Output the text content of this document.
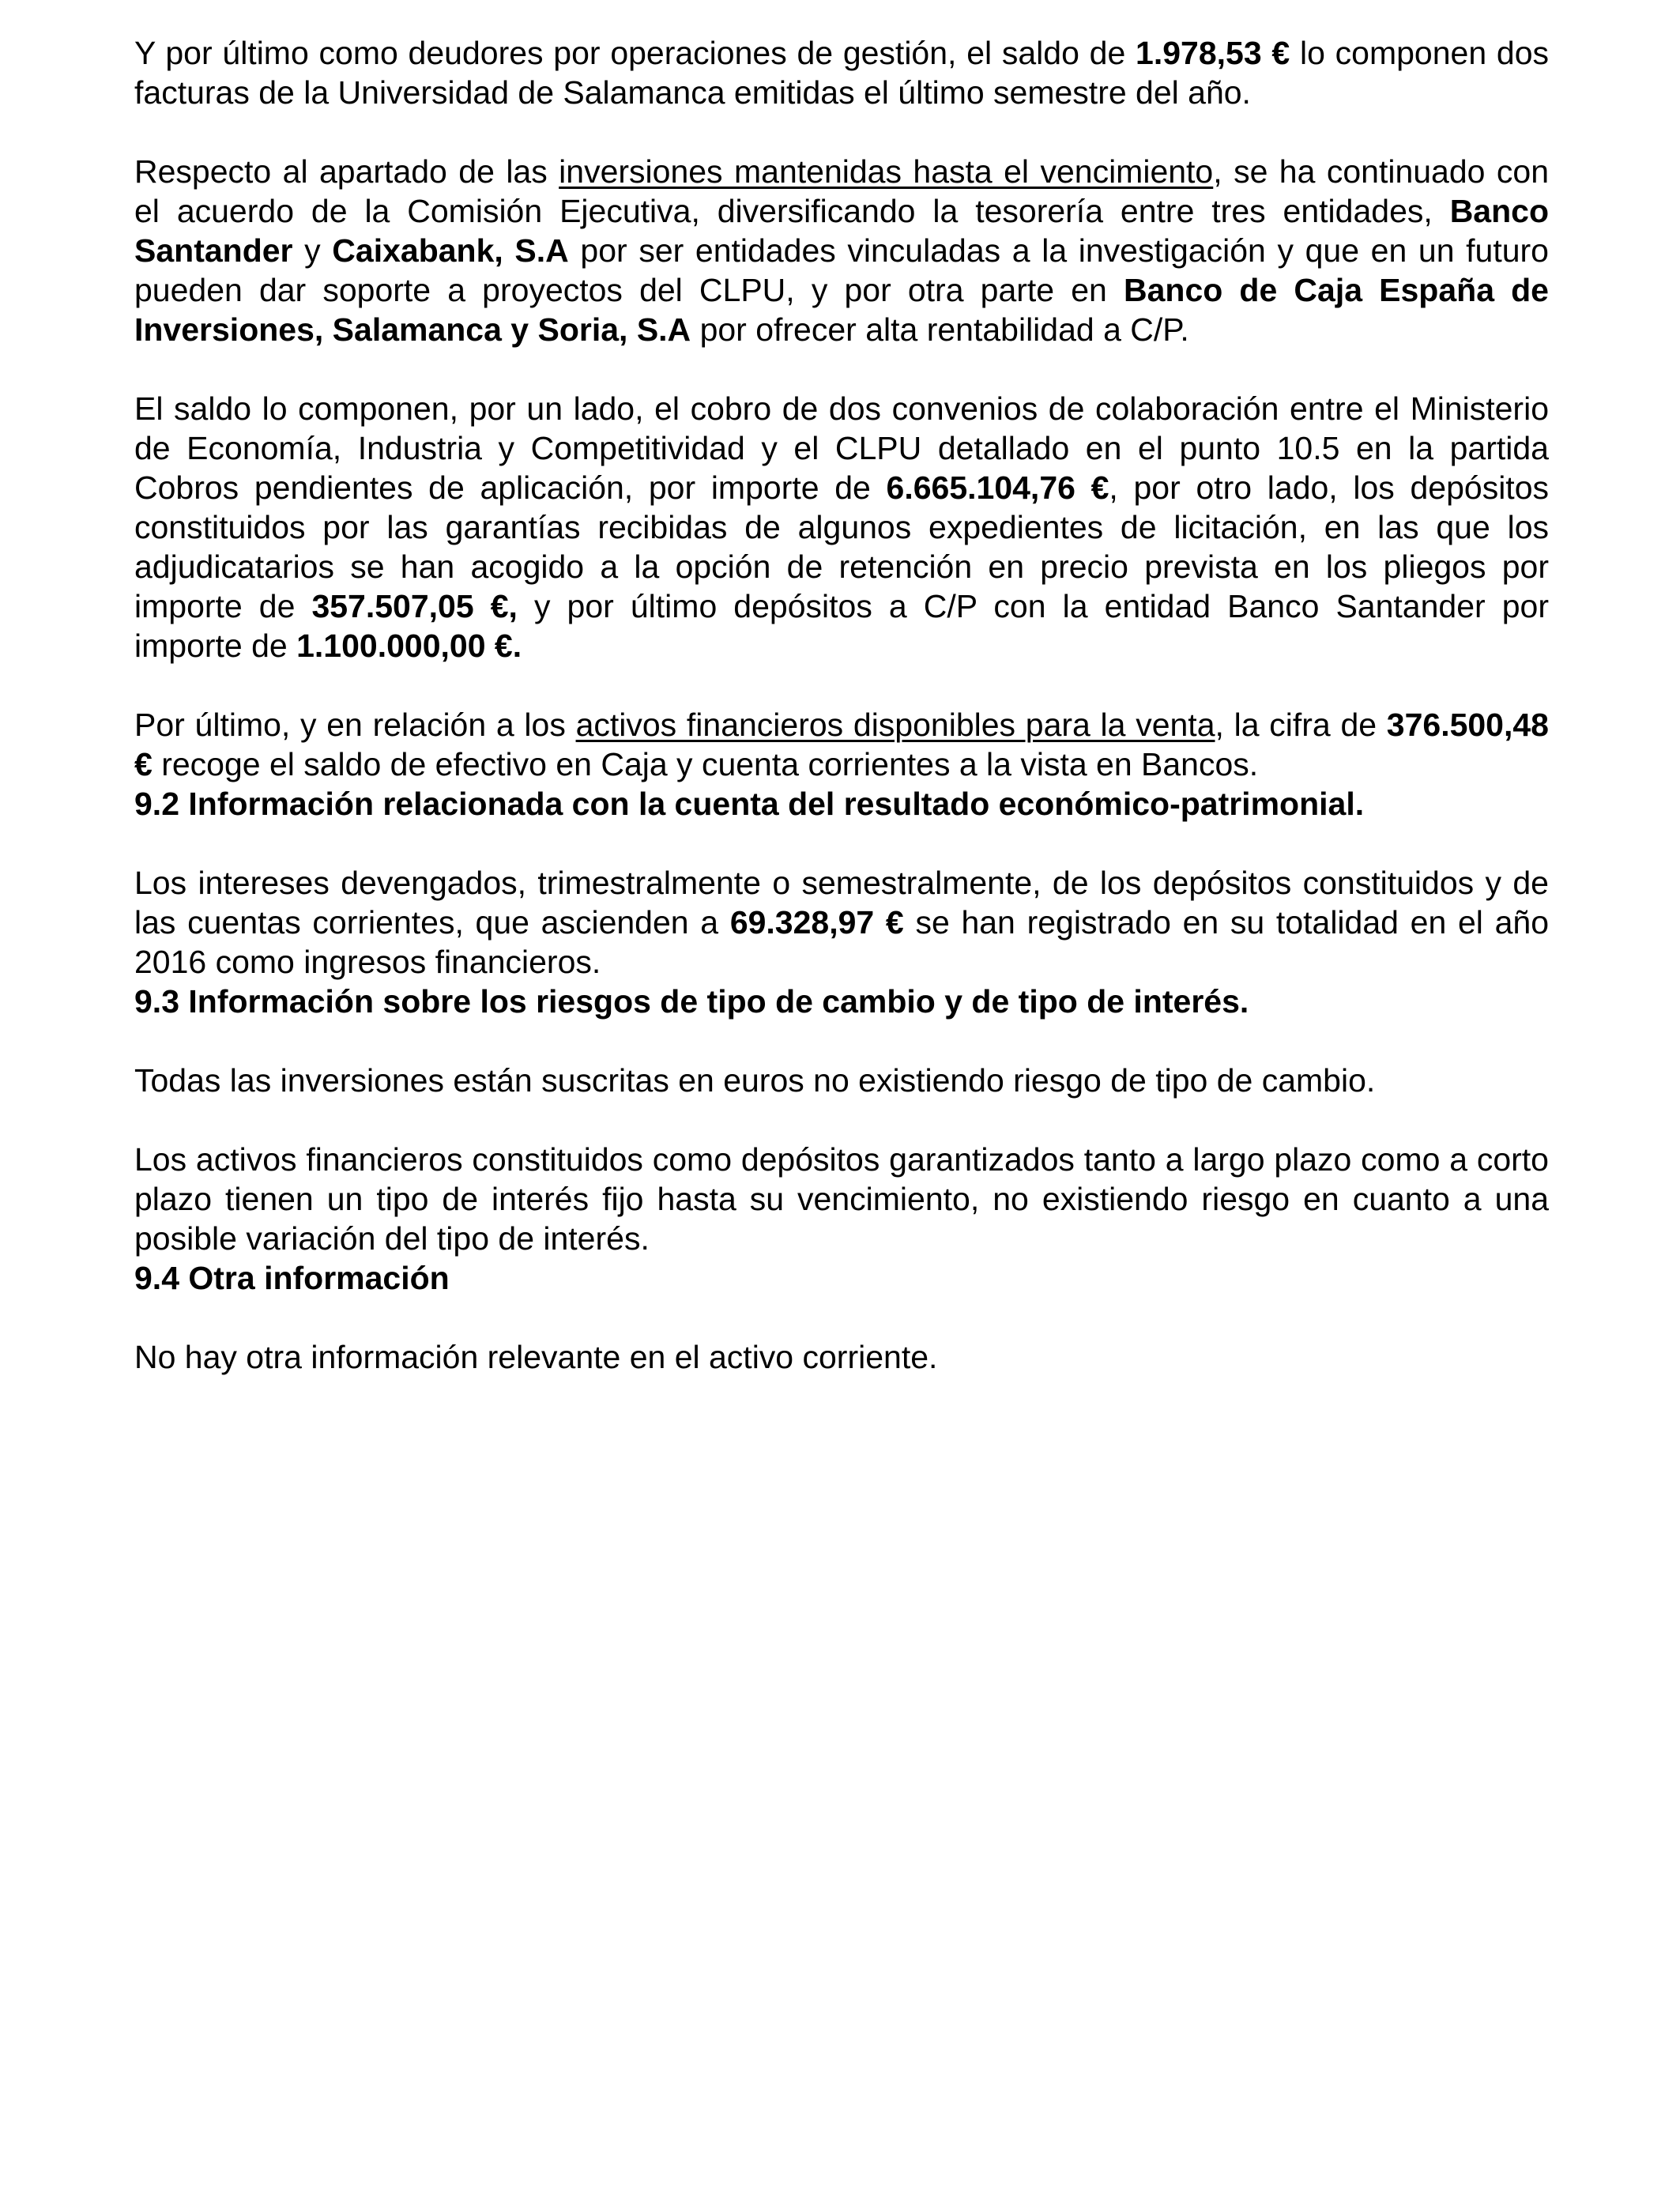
Y por último como deudores por operaciones de gestión, el saldo de 1.978,53 € lo componen dos facturas de la Universidad de Salamanca emitidas el último semestre del año.

Respecto al apartado de las inversiones mantenidas hasta el vencimiento, se ha continuado con el acuerdo de la Comisión Ejecutiva, diversificando la tesorería entre tres entidades, Banco Santander y Caixabank, S.A por ser entidades vinculadas a la investigación y que en un futuro pueden dar soporte a proyectos del CLPU, y por otra parte en Banco de Caja España de Inversiones, Salamanca y Soria, S.A por ofrecer alta rentabilidad a C/P.

El saldo lo componen, por un lado, el cobro de dos convenios de colaboración entre el Ministerio de Economía, Industria y Competitividad y el CLPU detallado en el punto 10.5 en la partida Cobros pendientes de aplicación, por importe de 6.665.104,76 €, por otro lado, los depósitos constituidos por las garantías recibidas de algunos expedientes de licitación, en las que los adjudicatarios se han acogido a la opción de retención en precio prevista en los pliegos por importe de 357.507,05 €, y por último depósitos a C/P con la entidad Banco Santander por importe de 1.100.000,00 €.

Por último, y en relación a los activos financieros disponibles para la venta, la cifra de 376.500,48 € recoge el saldo de efectivo en Caja y cuenta corrientes a la vista en Bancos.

9.2 Información relacionada con la cuenta del resultado económico-patrimonial.

Los intereses devengados, trimestralmente o semestralmente, de los depósitos constituidos y de las cuentas corrientes, que ascienden a 69.328,97 € se han registrado en su totalidad en el año 2016 como ingresos financieros.

9.3 Información sobre los riesgos de tipo de cambio y de tipo de interés.

Todas las inversiones están suscritas en euros no existiendo riesgo de tipo de cambio.

Los activos financieros constituidos como depósitos garantizados tanto a largo plazo como a corto plazo tienen un tipo de interés fijo hasta su vencimiento, no existiendo riesgo en cuanto a una posible variación del tipo de interés.

9.4 Otra información

No hay otra información relevante en el activo corriente.
